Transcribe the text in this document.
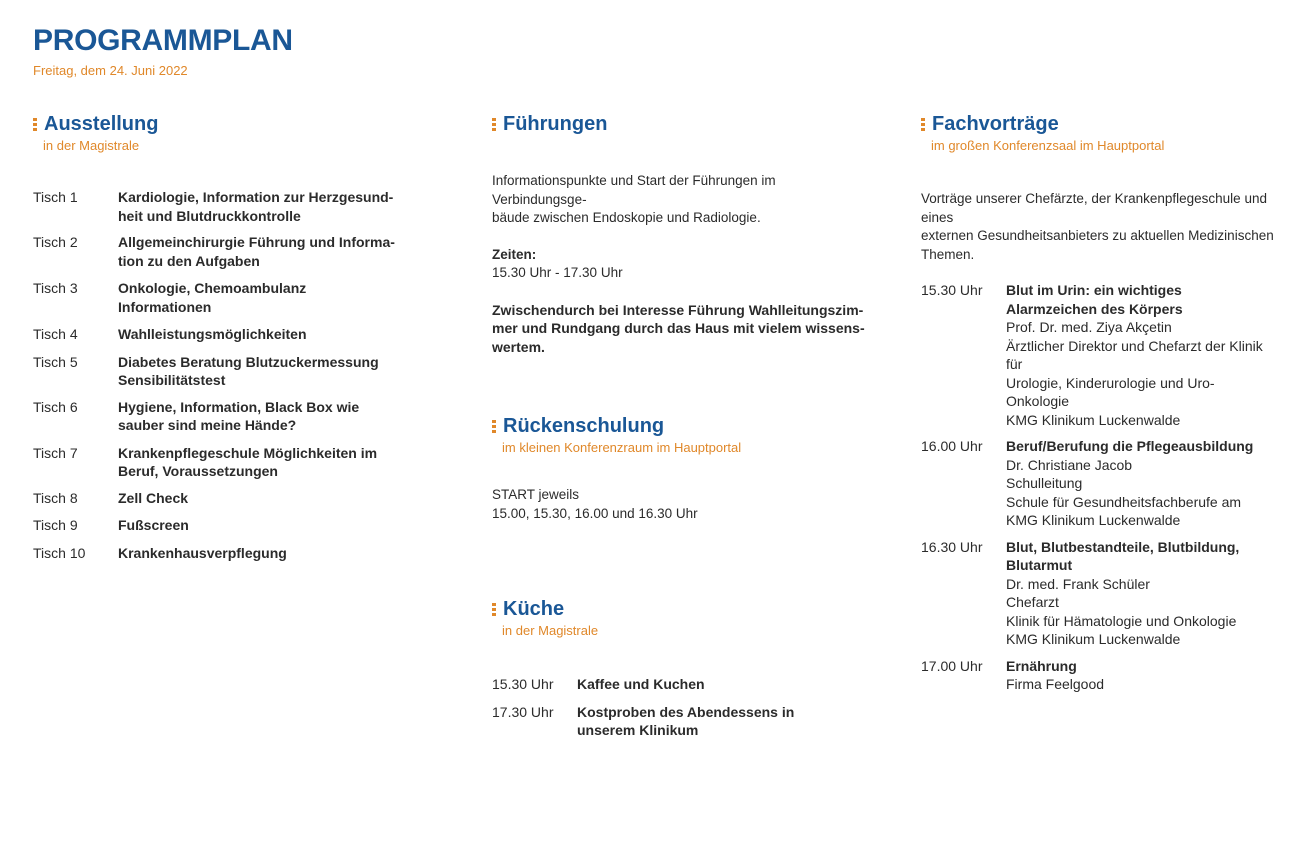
PROGRAMMPLAN
Freitag, dem 24. Juni 2022
Ausstellung
in der Magistrale
Tisch 1	Kardiologie, Information zur Herzgesund-
heit und Blutdruckkontrolle
Tisch 2	Allgemeinchirurgie Führung und Informa-
tion zu den Aufgaben
Tisch 3	Onkologie, Chemoambulanz
Informationen
Tisch 4	Wahlleistungsmöglichkeiten
Tisch 5	Diabetes Beratung Blutzuckermessung
Sensibilitätstest
Tisch 6	Hygiene, Information, Black Box wie
sauber sind meine Hände?
Tisch 7	Krankenpflegeschule Möglichkeiten im
Beruf, Voraussetzungen
Tisch 8	Zell Check
Tisch 9	Fußscreen
Tisch 10	Krankenhausverpflegung
Führungen
Informationspunkte und Start der Führungen im Verbindungsge-
bäude zwischen Endoskopie und Radiologie.
Zeiten:
15.30 Uhr - 17.30 Uhr
Zwischendurch bei Interesse Führung Wahlleitungszim-
mer und Rundgang durch das Haus mit vielem wissens-
wertem.
Rückenschulung
im kleinen Konferenzraum im Hauptportal
START jeweils
15.00, 15.30, 16.00 und 16.30 Uhr
Küche
in der Magistrale
15.30 Uhr	Kaffee und Kuchen
17.30 Uhr	Kostproben des Abendessens in
unserem Klinikum
Fachvorträge
im großen Konferenzsaal im Hauptportal
Vorträge unserer Chefärzte, der Krankenpflegeschule und eines
externen Gesundheitsanbieters zu aktuellen Medizinischen
Themen.
15.30 Uhr	Blut im Urin: ein wichtiges
Alarmzeichen des Körpers
Prof. Dr. med. Ziya Akçetin
Ärztlicher Direktor und Chefarzt der Klinik für
Urologie, Kinderurologie und Uro-Onkologie
KMG Klinikum Luckenwalde
16.00 Uhr	Beruf/Berufung die Pflegeausbildung
Dr. Christiane Jacob
Schulleitung
Schule für Gesundheitsfachberufe am
KMG Klinikum Luckenwalde
16.30 Uhr	Blut, Blutbestandteile, Blutbildung,
Blutarmut
Dr. med. Frank Schüler
Chefarzt
Klinik für Hämatologie und Onkologie
KMG Klinikum Luckenwalde
17.00 Uhr	Ernährung
Firma Feelgood
